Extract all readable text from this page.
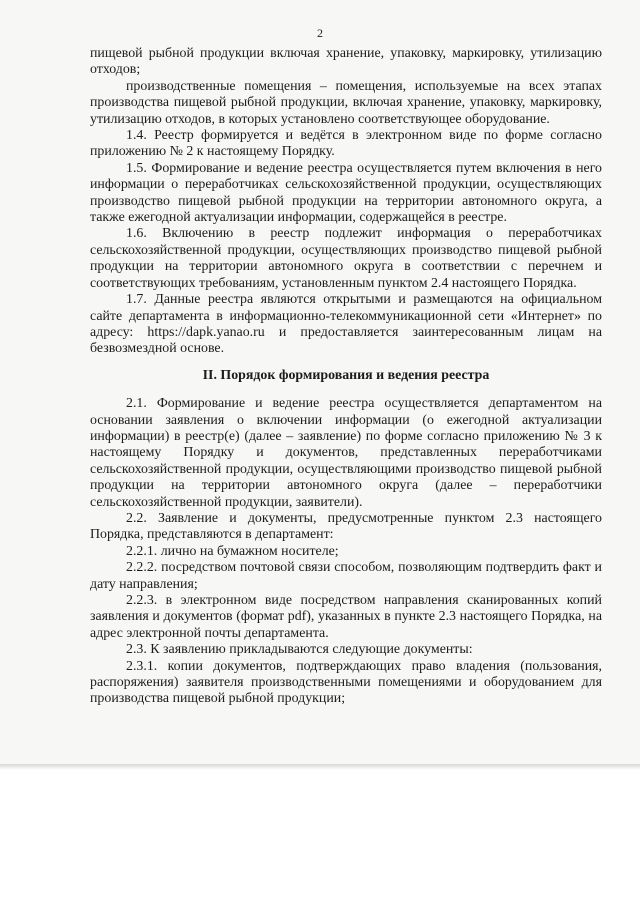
2

пищевой рыбной продукции включая хранение, упаковку, маркировку, утилизацию отходов;

производственные помещения – помещения, используемые на всех этапах производства пищевой рыбной продукции, включая хранение, упаковку, маркировку, утилизацию отходов, в которых установлено соответствующее оборудование.

1.4. Реестр формируется и ведётся в электронном виде по форме согласно приложению № 2 к настоящему Порядку.

1.5. Формирование и ведение реестра осуществляется путем включения в него информации о переработчиках сельскохозяйственной продукции, осуществляющих производство пищевой рыбной продукции на территории автономного округа, а также ежегодной актуализации информации, содержащейся в реестре.

1.6. Включению в реестр подлежит информация о переработчиках сельскохозяйственной продукции, осуществляющих производство пищевой рыбной продукции на территории автономного округа в соответствии с перечнем и соответствующих требованиям, установленным пунктом 2.4 настоящего Порядка.

1.7. Данные реестра являются открытыми и размещаются на официальном сайте департамента в информационно-телекоммуникационной сети «Интернет» по адресу: https://dapk.yanao.ru и предоставляется заинтересованным лицам на безвозмездной основе.

II. Порядок формирования и ведения реестра

2.1. Формирование и ведение реестра осуществляется департаментом на основании заявления о включении информации (о ежегодной актуализации информации) в реестр(е) (далее – заявление) по форме согласно приложению № 3 к настоящему Порядку и документов, представленных переработчиками сельскохозяйственной продукции, осуществляющими производство пищевой рыбной продукции на территории автономного округа (далее – переработчики сельскохозяйственной продукции, заявители).

2.2. Заявление и документы, предусмотренные пунктом 2.3 настоящего Порядка, представляются в департамент:

2.2.1. лично на бумажном носителе;

2.2.2. посредством почтовой связи способом, позволяющим подтвердить факт и дату направления;

2.2.3. в электронном виде посредством направления сканированных копий заявления и документов (формат pdf), указанных в пункте 2.3 настоящего Порядка, на адрес электронной почты департамента.

2.3. К заявлению прикладываются следующие документы:

2.3.1. копии документов, подтверждающих право владения (пользования, распоряжения) заявителя производственными помещениями и оборудованием для производства пищевой рыбной продукции;
